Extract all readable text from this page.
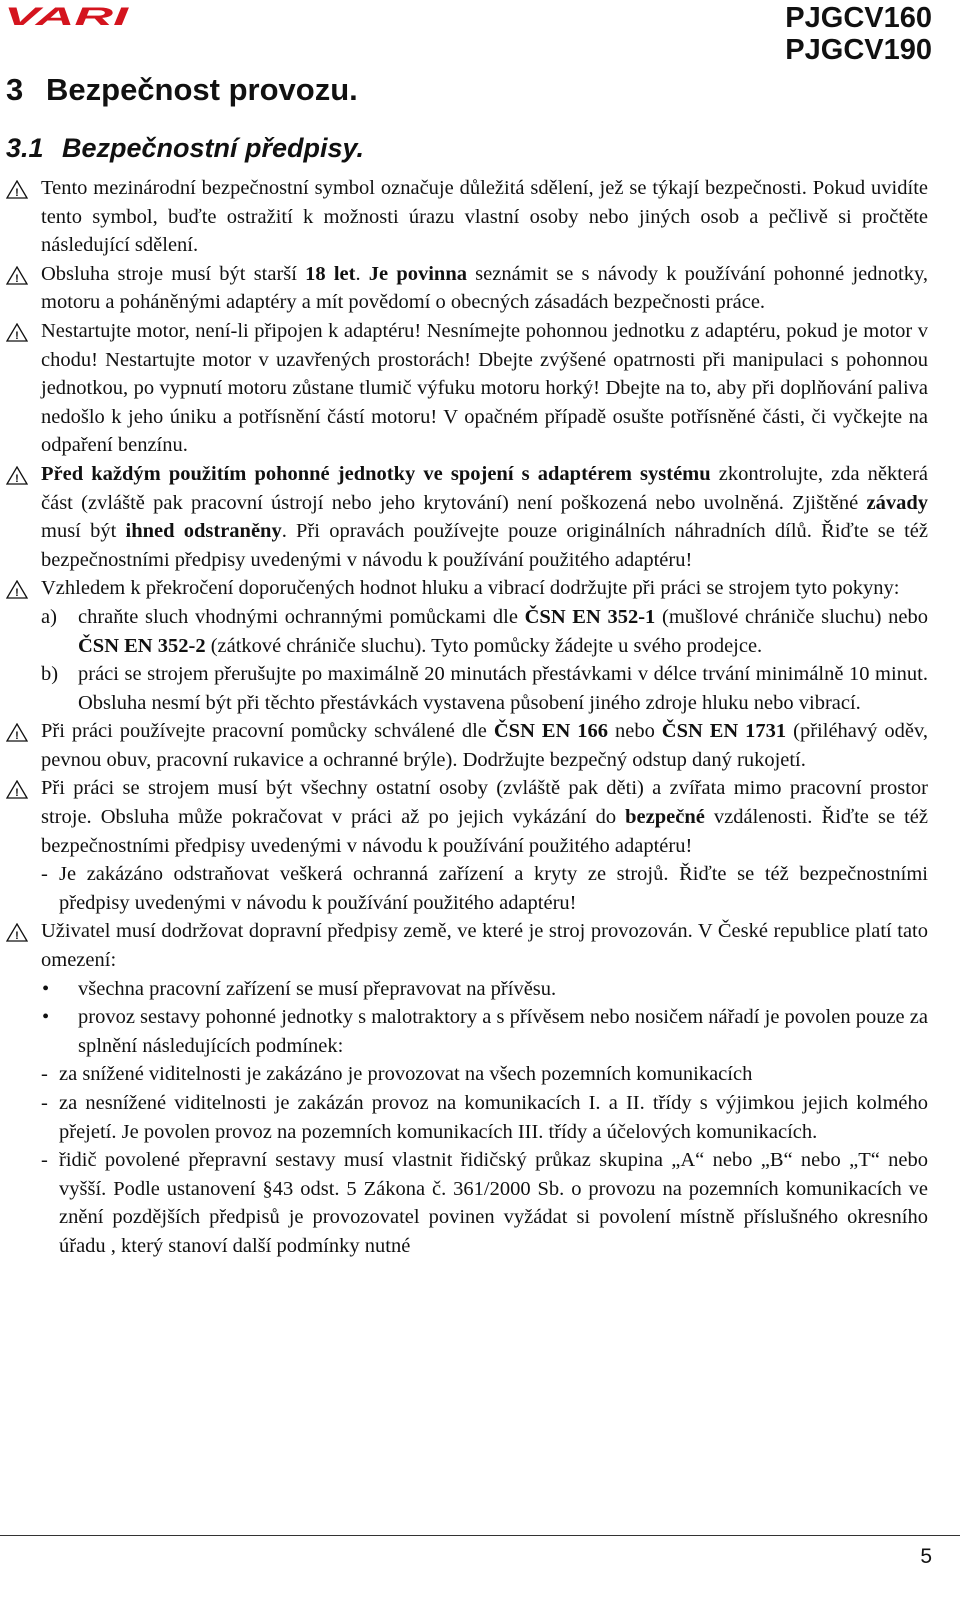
VARI	PJGCV160
PJGCV190
3 Bezpečnost provozu.
3.1 Bezpečnostní předpisy.
! Tento mezinárodní bezpečnostní symbol označuje důležitá sdělení, jež se týkají bezpečnosti. Pokud uvidíte tento symbol, buďte ostražití k možnosti úrazu vlastní osoby nebo jiných osob a pečlivě si pročtěte následující sdělení.
! Obsluha stroje musí být starší 18 let. Je povinna seznámit se s návody k používání pohonné jednotky, motoru a poháněnými adaptéry a mít povědomí o obecných zásadách bezpečnosti práce.
! Nestartujte motor, není-li připojen k adaptéru! Nesnímejte pohonnou jednotku z adaptéru, pokud je motor v chodu! Nestartujte motor v uzavřených prostorách! Dbejte zvýšené opatrnosti při manipulaci s pohonnou jednotkou, po vypnutí motoru zůstane tlumič výfuku motoru horký! Dbejte na to, aby při doplňování paliva nedošlo k jeho úniku a potřísnění částí motoru! V opačném případě osušte potřísněné části, či vyčkejte na odpaření benzínu.
! Před každým použitím pohonné jednotky ve spojení s adaptérem systému zkontrolujte, zda některá část (zvláště pak pracovní ústrojí nebo jeho krytování) není poškozená nebo uvolněná. Zjištěné závady musí být ihned odstraněny. Při opravách používejte pouze originálních náhradních dílů. Řiďte se též bezpečnostními předpisy uvedenými v návodu k používání použitého adaptéru!
! Vzhledem k překročení doporučených hodnot hluku a vibrací dodržujte při práci se strojem tyto pokyny:
a) chraňte sluch vhodnými ochrannými pomůckami dle ČSN EN 352-1 (mušlové chrániče sluchu) nebo ČSN EN 352-2 (zátkové chrániče sluchu). Tyto pomůcky žádejte u svého prodejce.
b) práci se strojem přerušujte po maximálně 20 minutách přestávkami v délce trvání minimálně 10 minut. Obsluha nesmí být při těchto přestávkách vystavena působení jiného zdroje hluku nebo vibrací.
! Při práci používejte pracovní pomůcky schválené dle ČSN EN 166 nebo ČSN EN 1731 (přiléhavý oděv, pevnou obuv, pracovní rukavice a ochranné brýle). Dodržujte bezpečný odstup daný rukojetí.
! Při práci se strojem musí být všechny ostatní osoby (zvláště pak děti) a zvířata mimo pracovní prostor stroje. Obsluha může pokračovat v práci až po jejich vykázání do bezpečné vzdálenosti. Řiďte se též bezpečnostními předpisy uvedenými v návodu k používání použitého adaptéru!
- Je zakázáno odstraňovat veškerá ochranná zařízení a kryty ze strojů. Řiďte se též bezpečnostními předpisy uvedenými v návodu k používání použitého adaptéru!
! Uživatel musí dodržovat dopravní předpisy země, ve které je stroj provozován. V České republice platí tato omezení:
• všechna pracovní zařízení se musí přepravovat na přívěsu.
• provoz sestavy pohonné jednotky s malotraktory a s přívěsem nebo nosičem nářadí je povolen pouze za splnění následujících podmínek:
- za snížené viditelnosti je zakázáno je provozovat na všech pozemních komunikacích
- za nesnížené viditelnosti je zakázán provoz na komunikacích I. a II. třídy s výjimkou jejich kolmého přejetí. Je povolen provoz na pozemních komunikacích III. třídy a účelových komunikacích.
- řidič povolené přepravní sestavy musí vlastnit řidičský průkaz skupina „A“ nebo „B“ nebo „T“ nebo vyšší. Podle ustanovení §43 odst. 5 Zákona č. 361/2000 Sb. o provozu na pozemních komunikacích ve znění pozdějších předpisů je provozovatel povinen vyžádat si povolení místně příslušného okresního úřadu , který stanoví další podmínky nutné
5
